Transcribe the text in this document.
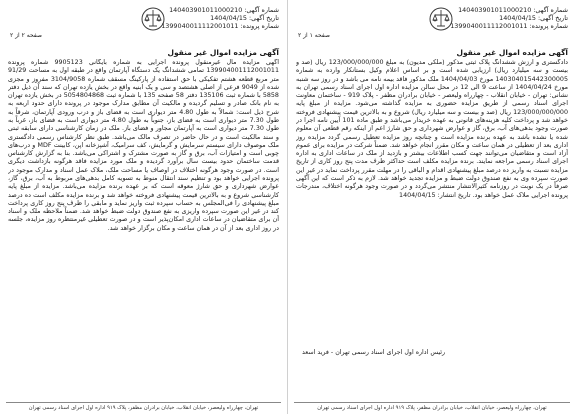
شماره آگهی:140403901011000210
تاریخ آگهی:1404/04/15
شماره پرونده:1399040011112001011
صفحه ۲ از ۲
آگهی مزایده اموال غیر منقول
آگهی مزایده مال غیرمنقول پرونده اجرایی به شماره بایگانی 9905123 شماره پرونده 139904001112001011 تمامی ششدانگ یک دستگاه آپارتمان واقع در طبقه اول به مساحت 91/29 متر مربع قطعه هشتم تفکیکی با حق استفاده از پارکینگ مسقف شماره 3104/9058 مفروز و مجزی شده از 9049 فرعی از اصلی هشتصد و سی و یک ابنیه واقع در بخش یازده تهران که سند آن ذیل دفتر 5858 با شماره ثبت 135106 دفتر 58 صفحه 135 با شماره ثبت 5054804868 در بخش یازده تهران به نام بانک صادر و تسلیم گردیده و مالکیت آن مطابق مدارک موجود در پرونده دارای حدود اربعه به شرح ذیل است: شمالاً به طول 4.80 متر دیواری است به فضای باز و درب ورودی آپارتمان، شرقاً به طول 7.30 متر دیواری است به فضای باز، جنوباً به طول 4.80 متر دیواری است به فضای باز، غرباً به طول 7.30 متر دیواری است به آپارتمان مجاور و فضای باز. ملک در زمان کارشناسی دارای سابقه ثبتی و سند مالکیت است و در حال حاضر در تصرف مالک می‌باشد. طبق نظر کارشناس رسمی دادگستری ملک موصوف دارای سیستم سرمایش و گرمایش، کف سرامیک، آشپزخانه اپن، کابینت MDF و درب‌های چوبی است و امتیازات آب، برق و گاز به صورت مشترک و اشتراکی می‌باشد. بنا به گزارش کارشناس قدمت ساختمان حدود بیست سال برآورد گردیده و ملک مورد مزایده فاقد هرگونه بازداشت دیگری است. در صورت وجود هرگونه اختلاف در اوصاف یا مساحت ملک، ملاک عمل اسناد و مدارک موجود در پرونده اجرایی خواهد بود و تنظیم سند انتقال منوط به تسویه کامل بدهی‌های مربوط به آب، برق، گاز، عوارض شهرداری و حق شارژ معوقه است که بر عهده برنده مزایده می‌باشد. مزایده از مبلغ پایه کارشناسی شروع و به بالاترین قیمت پیشنهادی فروخته خواهد شد و برنده مزایده مکلف است ده درصد مبلغ پیشنهادی را فی‌المجلس به حساب سپرده ثبت واریز نماید و مابقی را ظرف پنج روز کاری پرداخت کند در غیر این صورت سپرده واریزی به نفع صندوق دولت ضبط خواهد شد. ضمناً ملاحظه ملک و اسناد آن برای متقاضیان در ساعات اداری امکان‌پذیر است و در صورت تعطیلی غیرمنتظره روز مزایده، جلسه در روز اداری بعد از آن در همان ساعت و مکان برگزار خواهد شد.
تهران، چهارراه ولیعصر، خیابان انقلاب، خیابان برادران مظفر، پلاک ۹۱۹ اداره اول اجرای اسناد رسمی تهران
شماره آگهی:140403901011000210
تاریخ آگهی:1404/04/15
شماره پرونده:1399040011112001011
صفحه ۱ از ۲
آگهی مزایده اموال غیر منقول
دادگستری و ارزش ششدانگ پلاک ثبتی مذکور (ملکی مدیون) به مبلغ 123/000/000/000 ریال (صد و بیست و سه میلیارد ریال) ارزیابی شده است و بر اساس اعلام وکیل بستانکار وارده به شماره 140304015442300005 مورخ 1404/04/03 ملک مذکور فاقد بیمه نامه می باشد و در روز سه شنبه مورخ 1404/04/24 از ساعت 9 الی 12 در محل سالن مزایده اداره اول اجرای اسناد رسمی تهران به نشانی: تهران - خیابان انقلاب - چهارراه ولیعصر - خیابان برادران مظفر - پلاک 919 - ساختمان معاونت اجرای اسناد رسمی از طریق مزایده حضوری به مزایده گذاشته می‌شود. مزایده از مبلغ پایه 123/000/000/000 ریال (صد و بیست و سه میلیارد ریال) شروع و به بالاترین قیمت پیشنهادی فروخته خواهد شد و پرداخت کلیه هزینه‌های قانونی به عهده خریدار می‌باشد و طبق ماده 101 آیین نامه اجرا در صورت وجود بدهی‌های آب، برق، گاز و عوارض شهرداری و حق شارژ اعم از اینکه رقم قطعی آن معلوم شده یا نشده باشد به عهده برنده مزایده است و چنانچه روز مزایده تعطیل رسمی گردد مزایده روز اداری بعد از تعطیلی در همان ساعت و مکان مقرر انجام خواهد شد. ضمناً شرکت در مزایده برای عموم آزاد است و متقاضیان می‌توانند جهت کسب اطلاعات بیشتر و بازدید از ملک در ساعات اداری به اداره اجرای اسناد رسمی مراجعه نمایند. برنده مزایده مکلف است حداکثر ظرف مدت پنج روز کاری از تاریخ مزایده نسبت به واریز ده درصد مبلغ پیشنهادی اقدام و الباقی را در مهلت مقرر پرداخت نماید در غیر این صورت سپرده وی به نفع صندوق دولت ضبط و مزایده تجدید خواهد شد. لازم به ذکر است که این آگهی صرفاً در یک نوبت در روزنامه کثیرالانتشار منتشر می‌گردد و در صورت وجود هرگونه اختلاف، مندرجات پرونده اجرایی ملاک عمل خواهد بود. تاریخ انتشار: 1404/04/15
رئیس اداره اول اجرای اسناد رسمی تهران - فرید اسعد
تهران، چهارراه ولیعصر، خیابان انقلاب، خیابان برادران مظفر، پلاک ۹۱۹ اداره اول اجرای اسناد رسمی تهران
